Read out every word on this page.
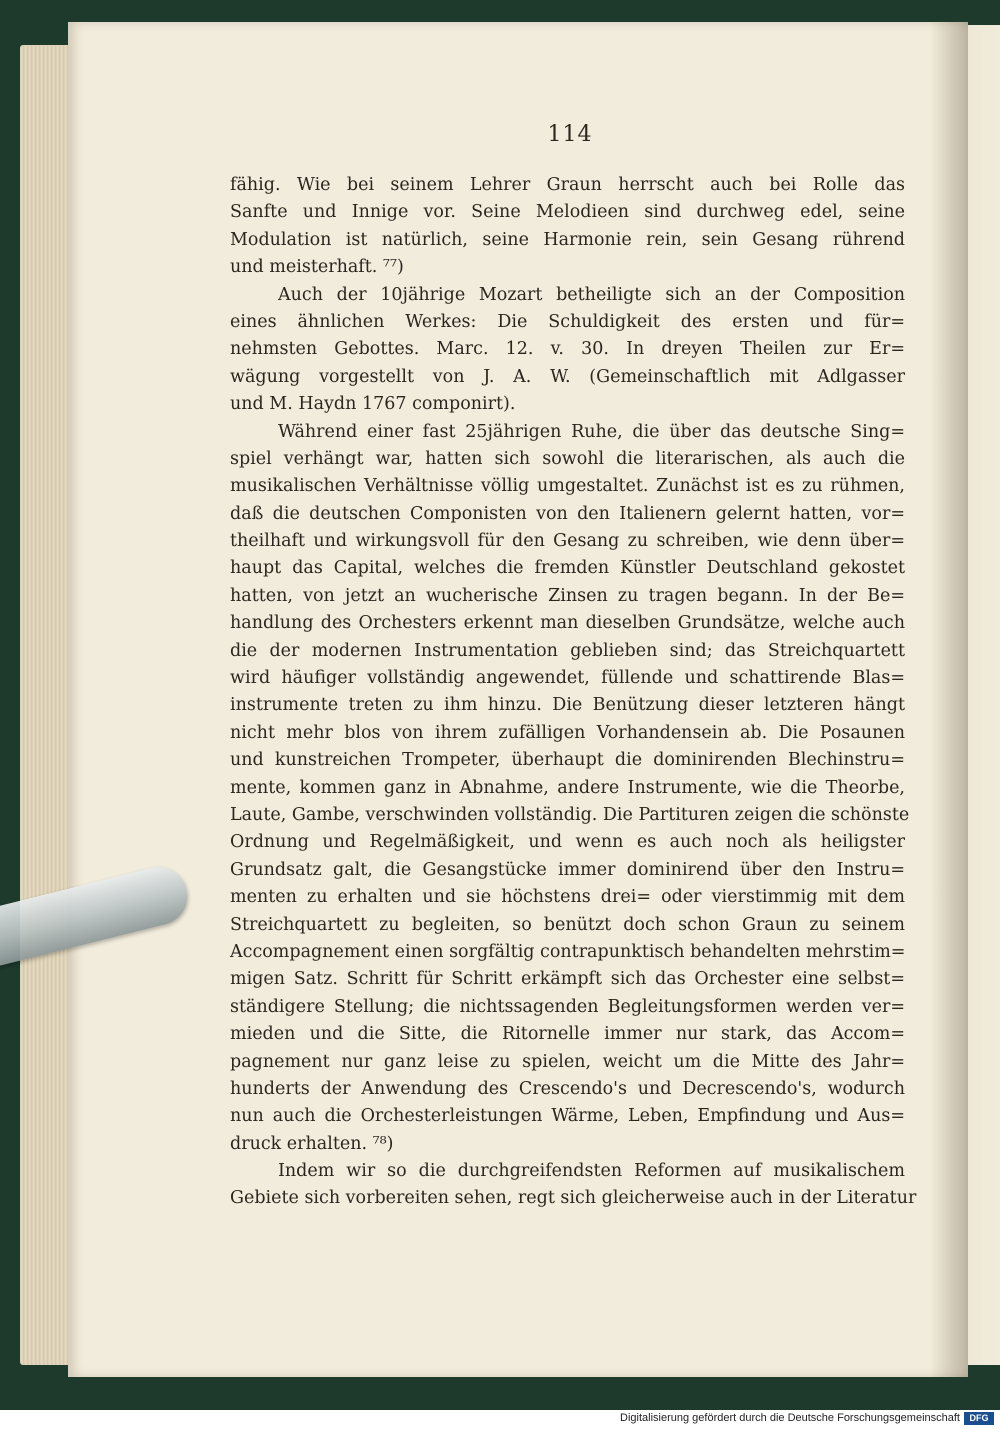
114
fähig. Wie bei seinem Lehrer Graun herrscht auch bei Rolle das
Sanfte und Innige vor. Seine Melodieen sind durchweg edel, seine
Modulation ist natürlich, seine Harmonie rein, sein Gesang rührend
und meisterhaft. ⁷⁷)
Auch der 10jährige Mozart betheiligte sich an der Composition
eines ähnlichen Werkes: Die Schuldigkeit des ersten und für=
nehmsten Gebottes. Marc. 12. v. 30. In dreyen Theilen zur Er=
wägung vorgestellt von J. A. W. (Gemeinschaftlich mit Adlgasser
und M. Haydn 1767 componirt).
Während einer fast 25jährigen Ruhe, die über das deutsche Sing=
spiel verhängt war, hatten sich sowohl die literarischen, als auch die
musikalischen Verhältnisse völlig umgestaltet. Zunächst ist es zu rühmen,
daß die deutschen Componisten von den Italienern gelernt hatten, vor=
theilhaft und wirkungsvoll für den Gesang zu schreiben, wie denn über=
haupt das Capital, welches die fremden Künstler Deutschland gekostet
hatten, von jetzt an wucherische Zinsen zu tragen begann. In der Be=
handlung des Orchesters erkennt man dieselben Grundsätze, welche auch
die der modernen Instrumentation geblieben sind; das Streichquartett
wird häufiger vollständig angewendet, füllende und schattirende Blas=
instrumente treten zu ihm hinzu. Die Benützung dieser letzteren hängt
nicht mehr blos von ihrem zufälligen Vorhandensein ab. Die Posaunen
und kunstreichen Trompeter, überhaupt die dominirenden Blechinstru=
mente, kommen ganz in Abnahme, andere Instrumente, wie die Theorbe,
Laute, Gambe, verschwinden vollständig. Die Partituren zeigen die schönste
Ordnung und Regelmäßigkeit, und wenn es auch noch als heiligster
Grundsatz galt, die Gesangstücke immer dominirend über den Instru=
menten zu erhalten und sie höchstens drei= oder vierstimmig mit dem
Streichquartett zu begleiten, so benützt doch schon Graun zu seinem
Accompagnement einen sorgfältig contrapunktisch behandelten mehrstim=
migen Satz. Schritt für Schritt erkämpft sich das Orchester eine selbst=
ständigere Stellung; die nichtssagenden Begleitungsformen werden ver=
mieden und die Sitte, die Ritornelle immer nur stark, das Accom=
pagnement nur ganz leise zu spielen, weicht um die Mitte des Jahr=
hunderts der Anwendung des Crescendo's und Decrescendo's, wodurch
nun auch die Orchesterleistungen Wärme, Leben, Empfindung und Aus=
druck erhalten. ⁷⁸)
Indem wir so die durchgreifendsten Reformen auf musikalischem
Gebiete sich vorbereiten sehen, regt sich gleicherweise auch in der Literatur
Digitalisierung gefördert durch die Deutsche Forschungsgemeinschaft	DFG
